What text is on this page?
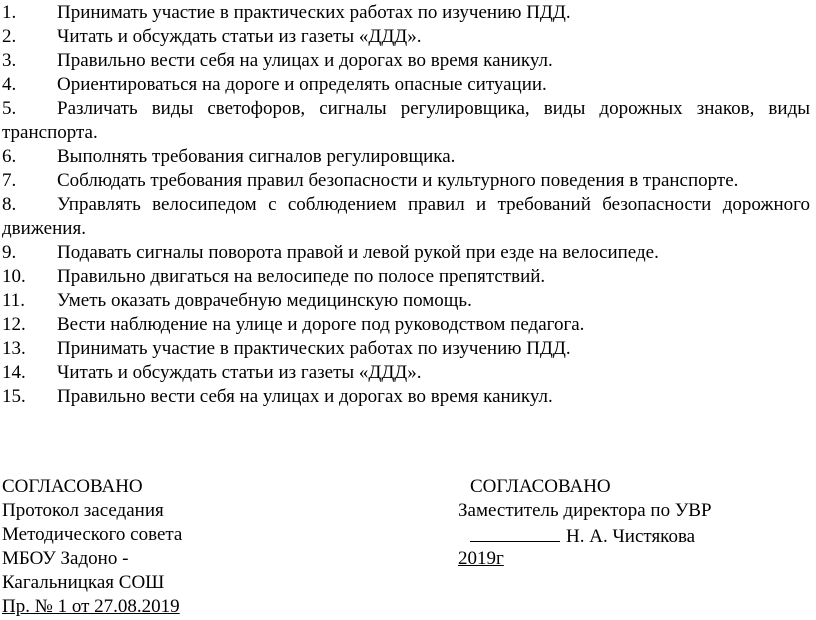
1. Принимать участие в практических работах по изучению ПДД.

2. Читать и обсуждать статьи из газеты «ДДД».

3. Правильно вести себя на улицах и дорогах во время каникул.

4. Ориентироваться на дороге и определять опасные ситуации.

5. Различать виды светофоров, сигналы регулировщика, виды дорожных знаков, виды транспорта.

6. Выполнять требования сигналов регулировщика.

7. Соблюдать требования правил безопасности и культурного поведения в транспорте.

8. Управлять велосипедом с соблюдением правил и требований безопасности дорожного движения.

9. Подавать сигналы поворота правой и левой рукой при езде на велосипеде.

10. Правильно двигаться на велосипеде по полосе препятствий.

11. Уметь оказать доврачебную медицинскую помощь.

12. Вести наблюдение на улице и дороге под руководством педагога.

13. Принимать участие в практических работах по изучению ПДД.

14. Читать и обсуждать статьи из газеты «ДДД».

15. Правильно вести себя на улицах и дорогах во время каникул.

СОГЛАСОВАНО
Протокол заседания
Методического совета
МБОУ Задоно -
Кагальницкая СОШ
Пр. № 1 от 27.08.2019
СОГЛАСОВАНО
Заместитель директора по УВР
Н. А. Чистякова
2019г
